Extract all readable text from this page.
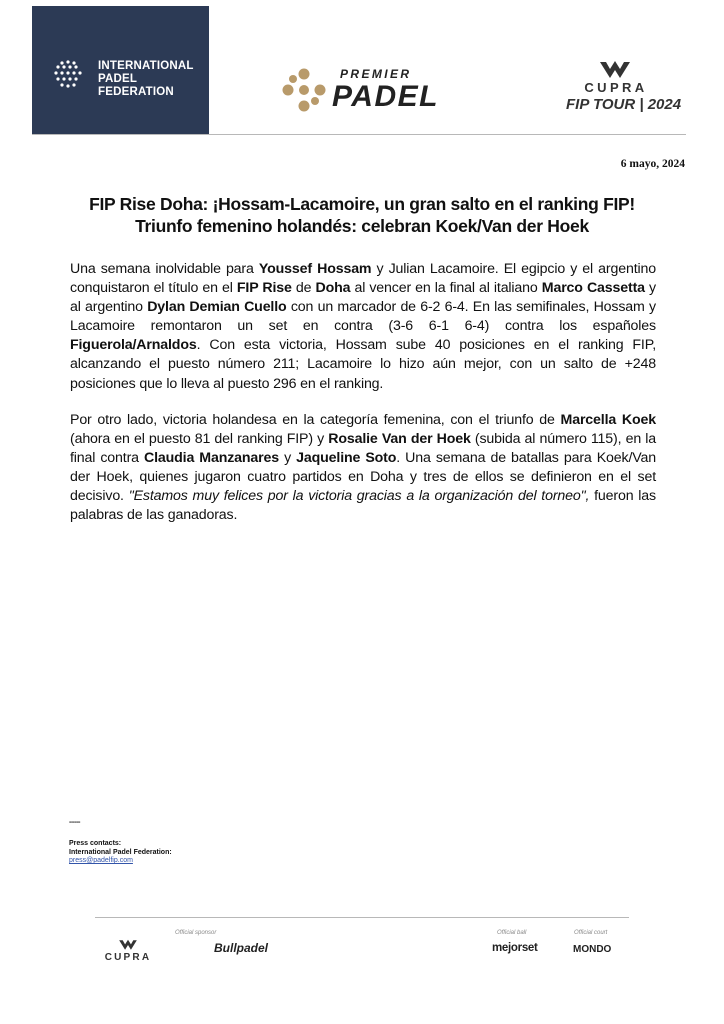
INTERNATIONAL
PADEL
FEDERATION
PREMIER
PADEL	CUPRA
FIP TOUR | 2024
6 mayo, 2024
FIP Rise Doha: ¡Hossam-Lacamoire, un gran salto en el ranking FIP!
Triunfo femenino holandés: celebran Koek/Van der Hoek
Una semana inolvidable para Youssef Hossam y Julian Lacamoire. El egipcio y el argentino conquistaron el título en el FIP Rise de Doha al vencer en la final al italiano Marco Cassetta y al argentino Dylan Demian Cuello con un marcador de 6-2 6-4. En las semifinales, Hossam y Lacamoire remontaron un set en contra (3-6 6-1 6-4) contra los españoles Figuerola/Arnaldos. Con esta victoria, Hossam sube 40 posiciones en el ranking FIP, alcanzando el puesto número 211; Lacamoire lo hizo aún mejor, con un salto de +248 posiciones que lo lleva al puesto 296 en el ranking.
Por otro lado, victoria holandesa en la categoría femenina, con el triunfo de Marcella Koek (ahora en el puesto 81 del ranking FIP) y Rosalie Van der Hoek (subida al número 115), en la final contra Claudia Manzanares y Jaqueline Soto. Una semana de batallas para Koek/Van der Hoek, quienes jugaron cuatro partidos en Doha y tres de ellos se definieron en el set decisivo. "Estamos muy felices por la victoria gracias a la organización del torneo", fueron las palabras de las ganadoras.
------
Press contacts:
International Padel Federation:
press@padelfip.com
Official sponsor	Official ball	Official court
CUPRA
Bullpadel	mejorset	MONDO
